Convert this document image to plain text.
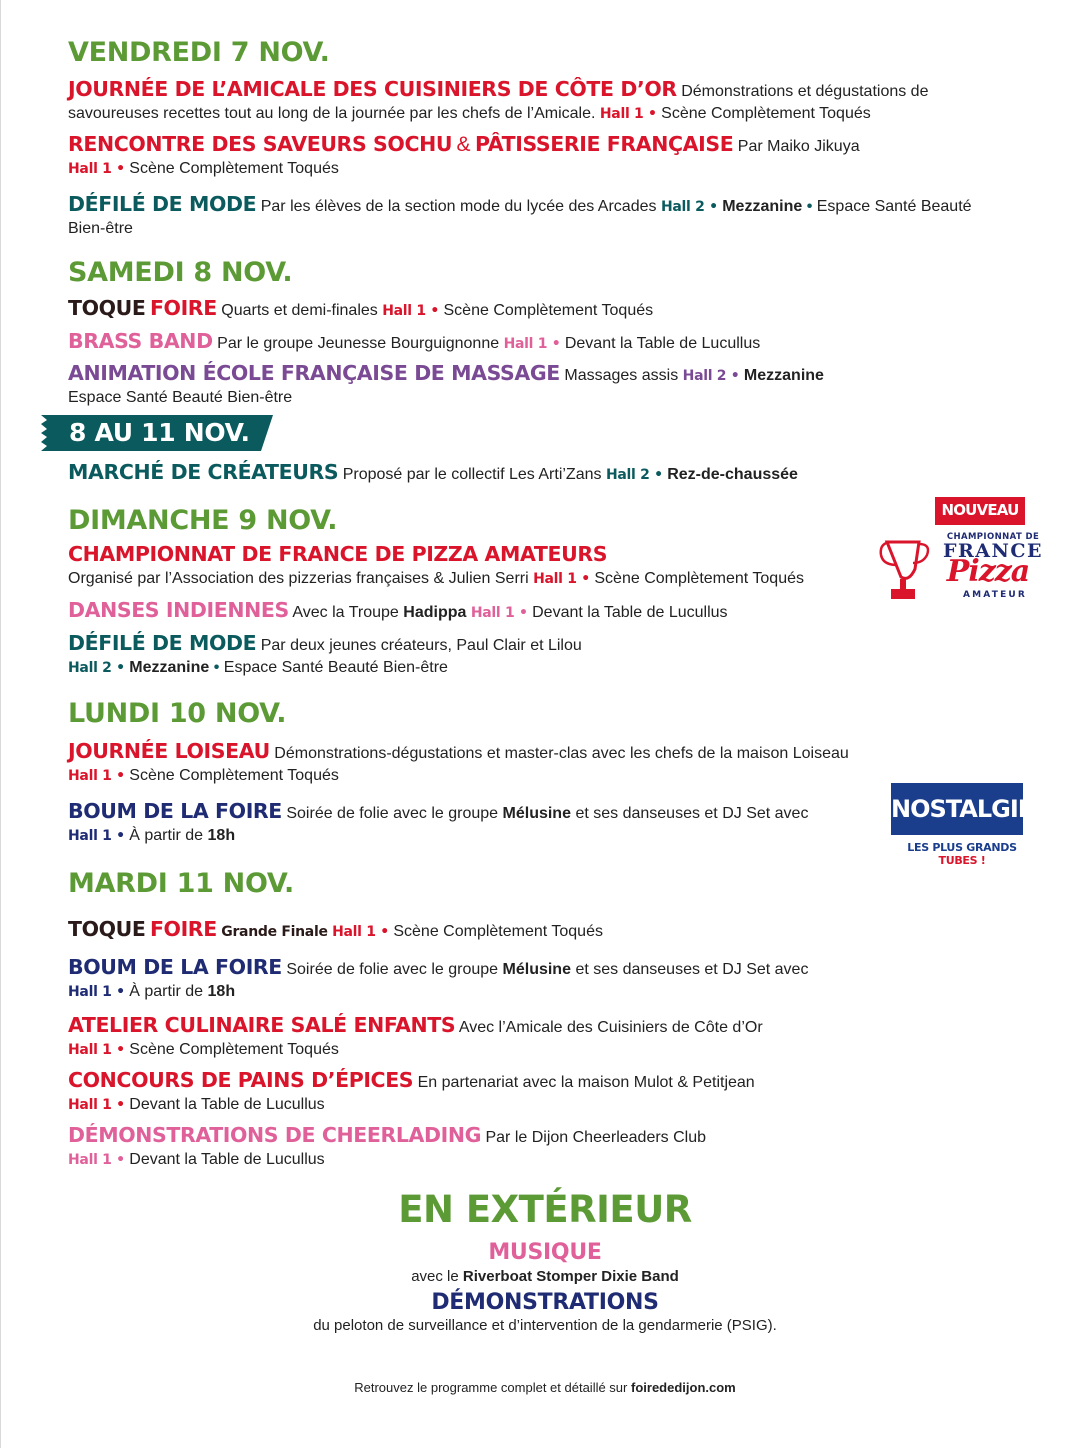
VENDREDI 7 NOV.
JOURNÉE DE L’AMICALE DES CUISINIERS DE CÔTE D’OR Démonstrations et dégustations de savoureuses recettes tout au long de la journée par les chefs de l’Amicale. Hall 1 • Scène Complètement Toqués
RENCONTRE DES SAVEURS SOCHU & PÂTISSERIE FRANÇAISE Par Maiko Jikuya
Hall 1 • Scène Complètement Toqués
DÉFILÉ DE MODE Par les élèves de la section mode du lycée des Arcades Hall 2 • Mezzanine • Espace Santé Beauté Bien-être
SAMEDI 8 NOV.
TOQUE FOIRE Quarts et demi-finales Hall 1 • Scène Complètement Toqués
BRASS BAND Par le groupe Jeunesse Bourguignonne Hall 1 • Devant la Table de Lucullus
ANIMATION ÉCOLE FRANÇAISE DE MASSAGE Massages assis Hall 2 • Mezzanine
Espace Santé Beauté Bien-être
8 AU 11 NOV.
MARCHÉ DE CRÉATEURS Proposé par le collectif Les Arti’Zans Hall 2 • Rez-de-chaussée
DIMANCHE 9 NOV.
CHAMPIONNAT DE FRANCE DE PIZZA AMATEURS
Organisé par l’Association des pizzerias françaises & Julien Serri Hall 1 • Scène Complètement Toqués
DANSES INDIENNES Avec la Troupe Hadippa Hall 1 • Devant la Table de Lucullus
DÉFILÉ DE MODE Par deux jeunes créateurs, Paul Clair et Lilou
Hall 2 • Mezzanine • Espace Santé Beauté Bien-être
NOUVEAU
CHAMPIONNAT DE
FRANCE
Pizza
AMATEUR
LUNDI 10 NOV.
JOURNÉE LOISEAU Démonstrations-dégustations et master-clas avec les chefs de la maison Loiseau
Hall 1 • Scène Complètement Toqués
BOUM DE LA FOIRE Soirée de folie avec le groupe Mélusine et ses danseuses et DJ Set avec
Hall 1 • À partir de 18h
NOSTALGIE
LES PLUS GRANDS TUBES !
MARDI 11 NOV.
TOQUE FOIRE Grande Finale Hall 1 • Scène Complètement Toqués
BOUM DE LA FOIRE Soirée de folie avec le groupe Mélusine et ses danseuses et DJ Set avec
Hall 1 • À partir de 18h
ATELIER CULINAIRE SALÉ ENFANTS Avec l’Amicale des Cuisiniers de Côte d’Or
Hall 1 • Scène Complètement Toqués
CONCOURS DE PAINS D’ÉPICES En partenariat avec la maison Mulot & Petitjean
Hall 1 • Devant la Table de Lucullus
DÉMONSTRATIONS DE CHEERLADING Par le Dijon Cheerleaders Club
Hall 1 • Devant la Table de Lucullus
EN EXTÉRIEUR
MUSIQUE
avec le Riverboat Stomper Dixie Band
DÉMONSTRATIONS
du peloton de surveillance et d’intervention de la gendarmerie (PSIG).
Retrouvez le programme complet et détaillé sur foirededijon.com
